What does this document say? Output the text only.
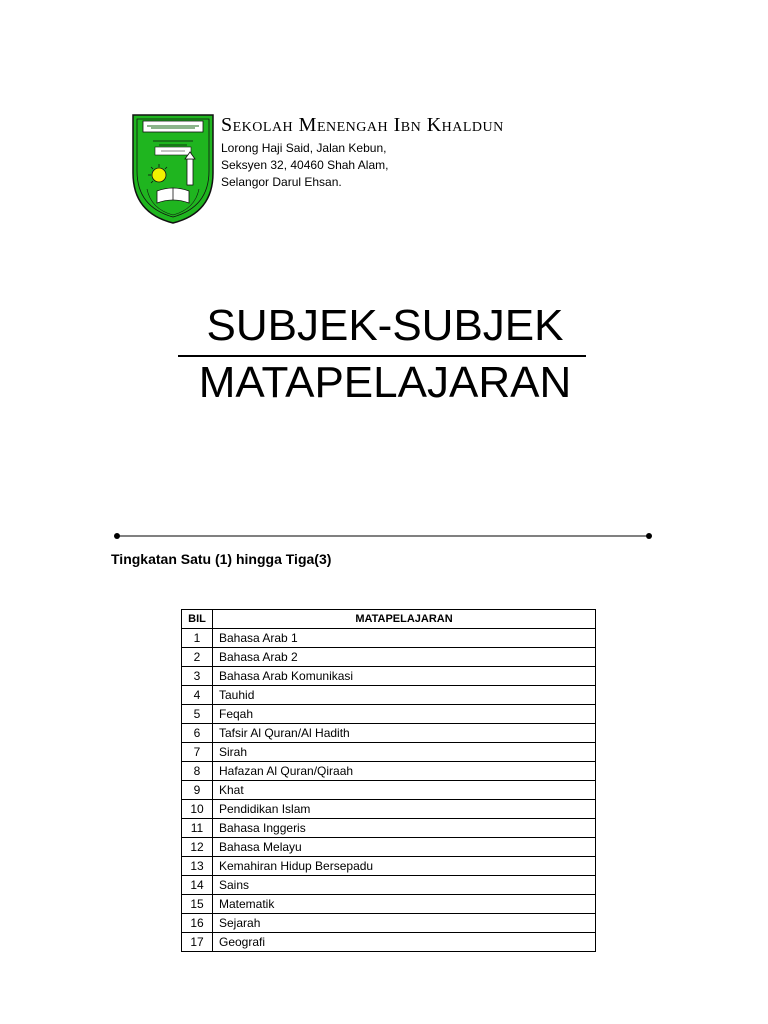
Sekolah Menengah Ibn Khaldun
Lorong Haji Said, Jalan Kebun,
Seksyen 32, 40460 Shah Alam,
Selangor Darul Ehsan.
SUBJEK-SUBJEK
MATAPELAJARAN
Tingkatan Satu (1) hingga Tiga(3)
BIL	MATAPELAJARAN
1	Bahasa Arab 1
2	Bahasa Arab 2
3	Bahasa Arab Komunikasi
4	Tauhid
5	Feqah
6	Tafsir Al Quran/Al Hadith
7	Sirah
8	Hafazan Al Quran/Qiraah
9	Khat
10	Pendidikan Islam
11	Bahasa Inggeris
12	Bahasa Melayu
13	Kemahiran Hidup Bersepadu
14	Sains
15	Matematik
16	Sejarah
17	Geografi
